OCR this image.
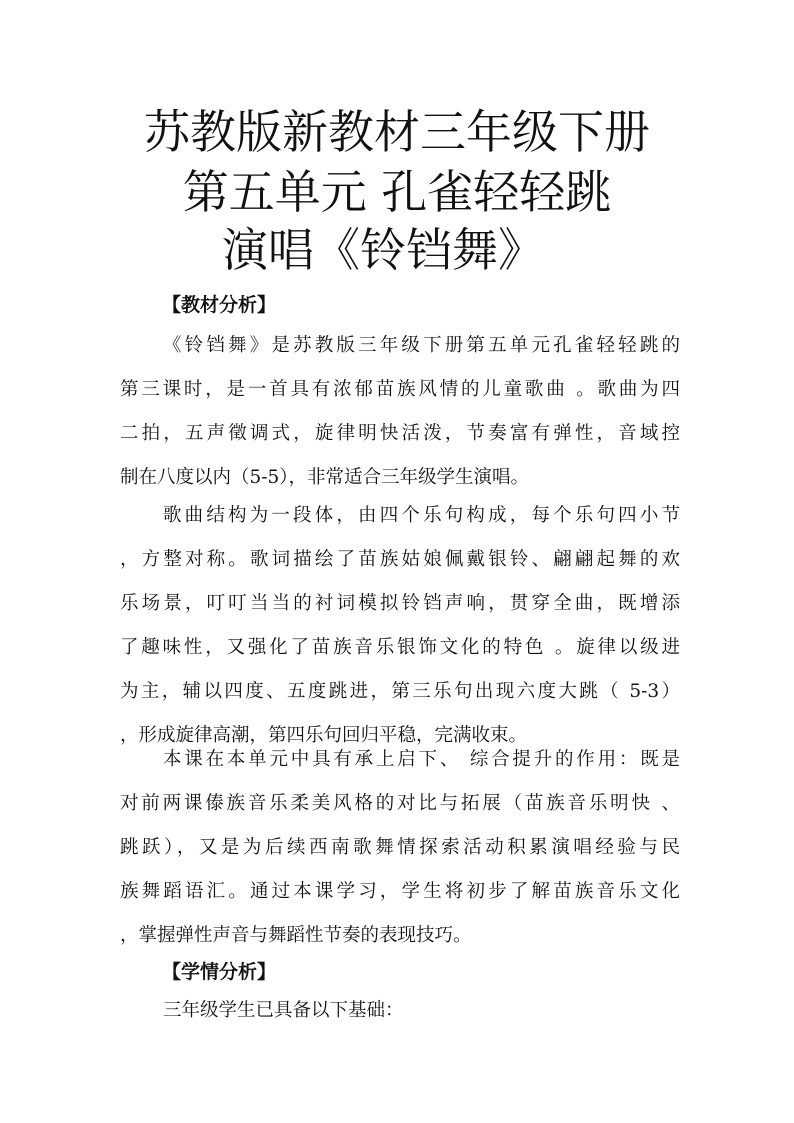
苏教版新教材三年级下册
第五单元 孔雀轻轻跳
演唱《铃铛舞》
【教材分析】
《铃铛舞》是苏教版三年级下册第五单元孔雀轻轻跳的
第三课时，是一首具有浓郁苗族风情的儿童歌曲 。歌曲为四
二拍，五声徵调式，旋律明快活泼，节奏富有弹性，音域控
制在八度以内（5-5），非常适合三年级学生演唱。
歌曲结构为一段体，由四个乐句构成，每个乐句四小节
，方整对称。歌词描绘了苗族姑娘佩戴银铃、翩翩起舞的欢
乐场景，叮叮当当的衬词模拟铃铛声响，贯穿全曲，既增添
了趣味性，又强化了苗族音乐银饰文化的特色 。旋律以级进
为主，辅以四度、五度跳进，第三乐句出现六度大跳（ 5-3）
，形成旋律高潮，第四乐句回归平稳，完满收束。
本课在本单元中具有承上启下、 综合提升的作用：既是
对前两课傣族音乐柔美风格的对比与拓展（苗族音乐明快 、
跳跃），又是为后续西南歌舞情探索活动积累演唱经验与民
族舞蹈语汇。通过本课学习，学生将初步了解苗族音乐文化
，掌握弹性声音与舞蹈性节奏的表现技巧。
【学情分析】
三年级学生已具备以下基础：
